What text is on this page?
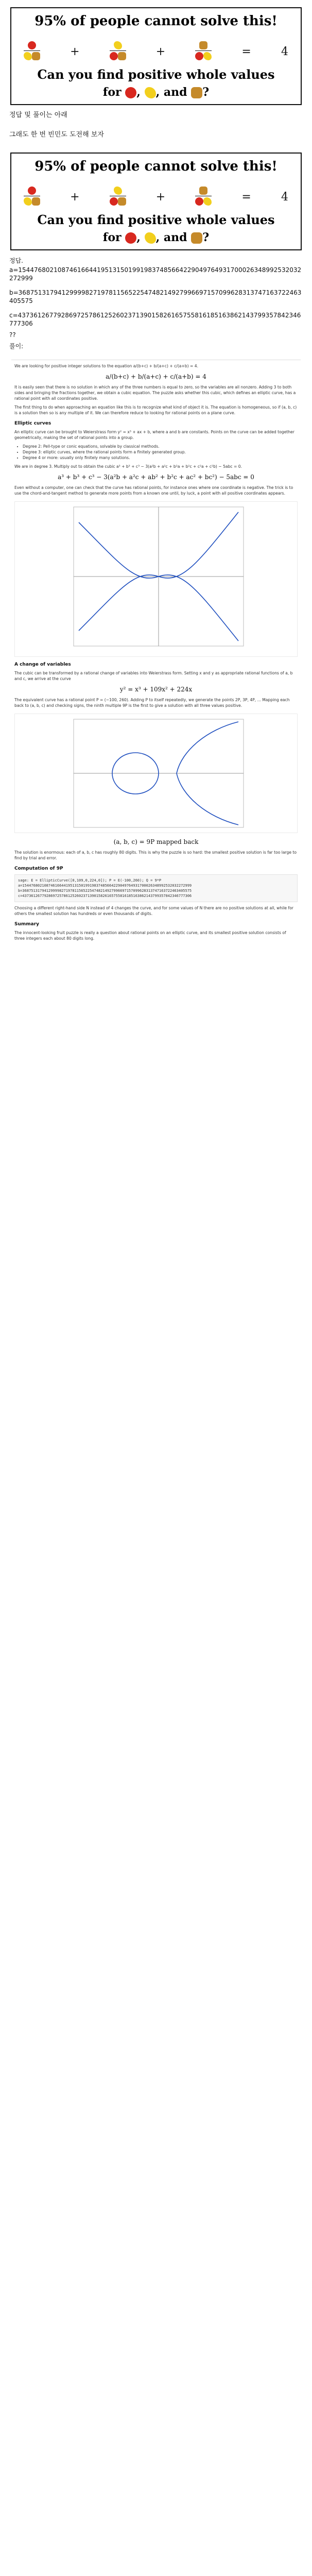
95% of people cannot solve this!
+	+	=	4
Can you find positive whole values
for , , and ?
정답 및 풀이는 아래
그래도 한 번 빈민도 도전해 보자
95% of people cannot solve this!
+	+	=	4
Can you find positive whole values
for , , and ?
정답.
a=154476802108746166441951315019919837485664229049764931700026348992532032272999
b=368751317941299998271978115652254748214927996697157099628313747163722463405575
c=437361267792869725786125260237139015826165755816185163862143799357842346777306
??
풀이:

We are looking for positive integer solutions to the equation a/(b+c) + b/(a+c) + c/(a+b) = 4.

a/(b+c) + b/(a+c) + c/(a+b) = 4

It is easily seen that there is no solution in which any of the three numbers is equal to zero, so the variables are all nonzero. Adding 3 to both sides and bringing the fractions together, we obtain a cubic equation. The puzzle asks whether this cubic, which defines an elliptic curve, has a rational point with all coordinates positive.

The first thing to do when approaching an equation like this is to recognize what kind of object it is. The equation is homogeneous, so if (a, b, c) is a solution then so is any multiple of it. We can therefore reduce to looking for rational points on a plane curve.

Elliptic curves

An elliptic curve can be brought to Weierstrass form y² = x³ + ax + b, where a and b are constants. Points on the curve can be added together geometrically, making the set of rational points into a group.

• Degree 2: Pell-type or conic equations, solvable by classical methods.
• Degree 3: elliptic curves, where the rational points form a finitely generated group.
• Degree 4 or more: usually only finitely many solutions.

We are in degree 3. Multiply out to obtain the cubic a³ + b³ + c³ − 3(a²b + a²c + b²a + b²c + c²a + c²b) − 5abc = 0.

a³ + b³ + c³ − 3(a²b + a²c + ab² + b²c + ac² + bc²) − 5abc = 0

Even without a computer, one can check that the curve has rational points, for instance ones where one coordinate is negative. The trick is to use the chord-and-tangent method to generate more points from a known one until, by luck, a point with all positive coordinates appears.

A change of variables

The cubic can be transformed by a rational change of variables into Weierstrass form. Setting x and y as appropriate rational functions of a, b and c, we arrive at the curve

y² = x³ + 109x² + 224x

The equivalent curve has a rational point P = (−100, 260). Adding P to itself repeatedly, we generate the points 2P, 3P, 4P, ... Mapping each back to (a, b, c) and checking signs, the ninth multiple 9P is the first to give a solution with all three values positive.

(a, b, c) = 9P mapped back

The solution is enormous: each of a, b, c has roughly 80 digits. This is why the puzzle is so hard: the smallest positive solution is far too large to find by trial and error.

Computation of 9P
sage: E = EllipticCurve([0,109,0,224,0]); P = E(-100,260); Q = 9*P
a=154476802108746166441951315019919837485664229049764931700026348992532032272999
b=368751317941299998271978115652254748214927996697157099628313747163722463405575
c=437361267792869725786125260237139015826165755816185163862143799357842346777306

Choosing a different right-hand side N instead of 4 changes the curve, and for some values of N there are no positive solutions at all, while for others the smallest solution has hundreds or even thousands of digits.

Summary

The innocent-looking fruit puzzle is really a question about rational points on an elliptic curve, and its smallest positive solution consists of three integers each about 80 digits long.
